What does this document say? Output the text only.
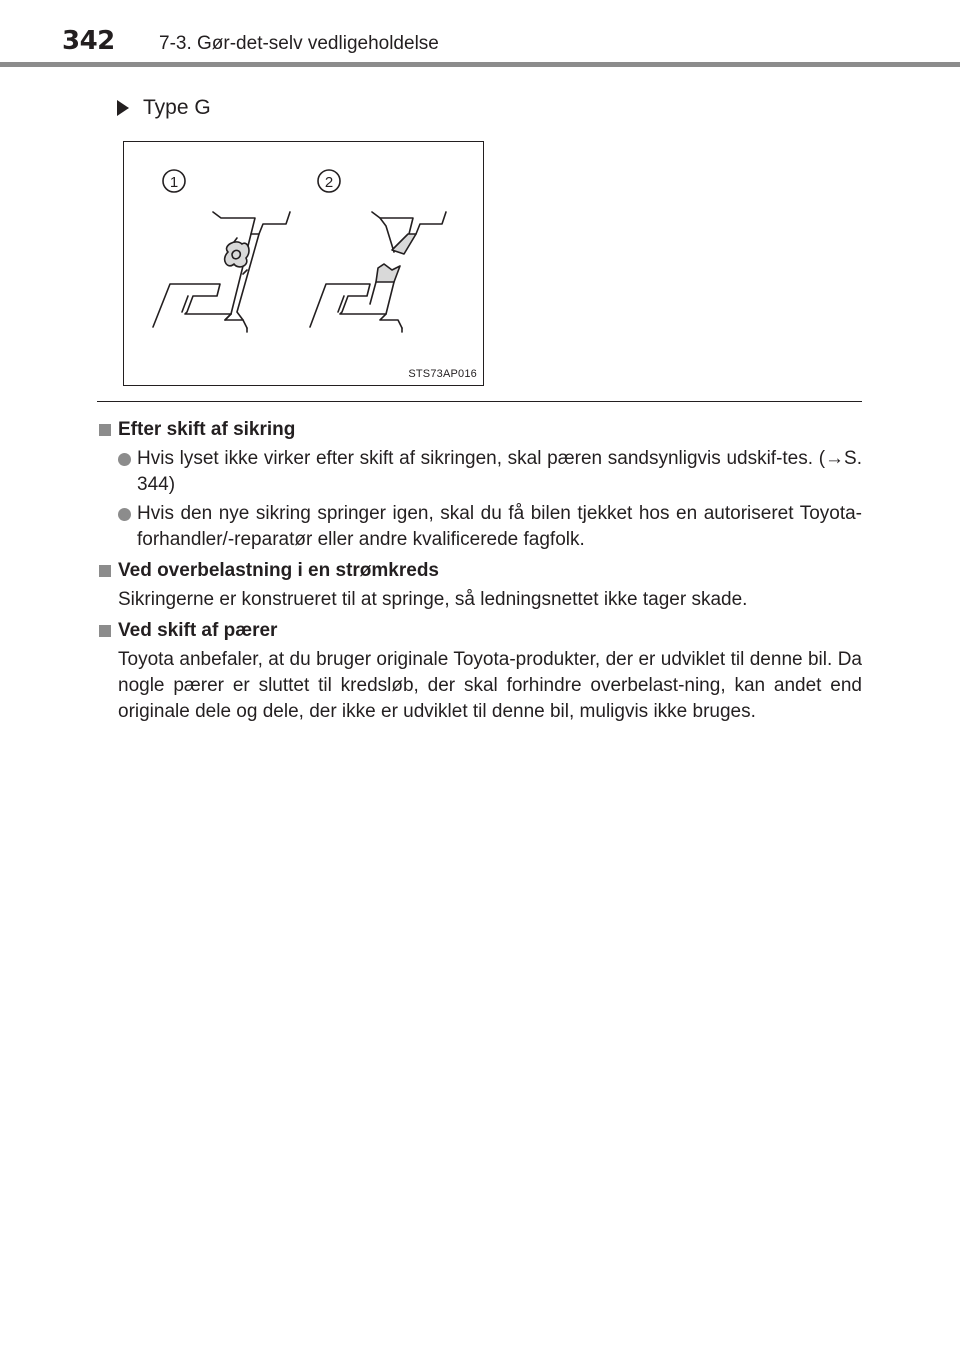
342 7-3. Gør-det-selv vedligeholdelse
Type G
1	2
STS73AP016
Efter skift af sikring
Hvis lyset ikke virker efter skift af sikringen, skal pæren sandsynligvis udskif-tes. (→S. 344)
Hvis den nye sikring springer igen, skal du få bilen tjekket hos en autoriseret Toyota-forhandler/-reparatør eller andre kvalificerede fagfolk.
Ved overbelastning i en strømkreds
Sikringerne er konstrueret til at springe, så ledningsnettet ikke tager skade.
Ved skift af pærer
Toyota anbefaler, at du bruger originale Toyota-produkter, der er udviklet til denne bil. Da nogle pærer er sluttet til kredsløb, der skal forhindre overbelast-ning, kan andet end originale dele og dele, der ikke er udviklet til denne bil, muligvis ikke bruges.
